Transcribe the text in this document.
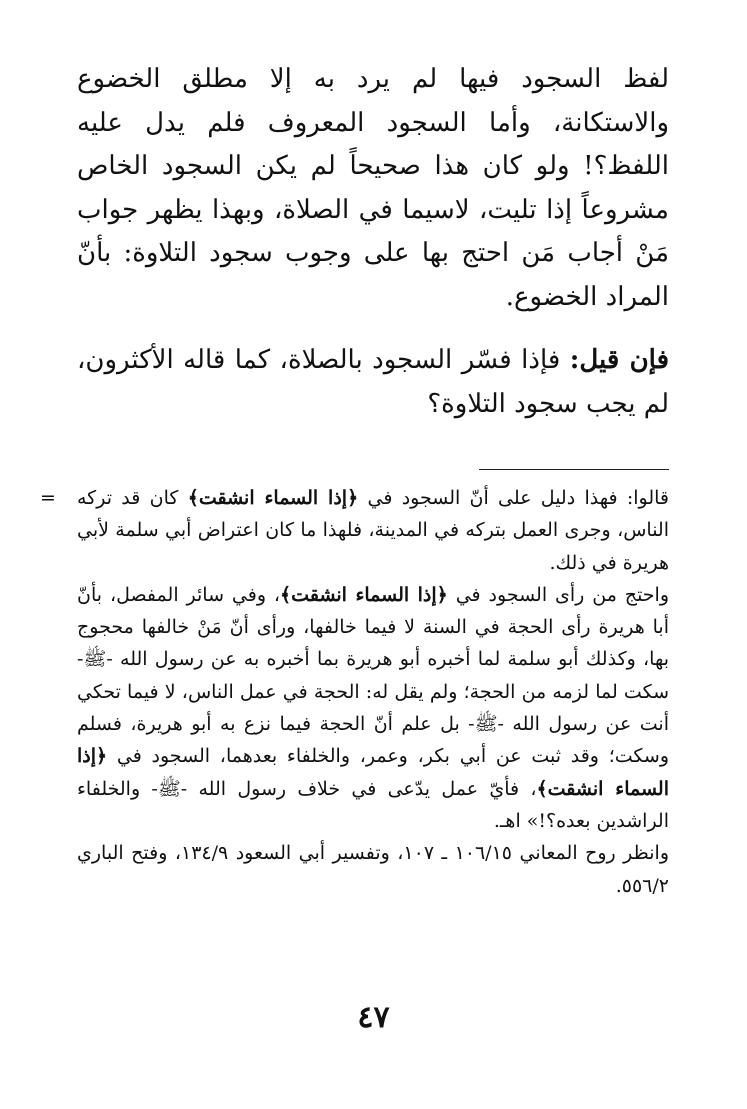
لفظ السجود فيها لم يرد به إلا مطلق الخضوع والاستكانة، وأما السجود المعروف فلم يدل عليه اللفظ؟! ولو كان هذا صحيحاً لم يكن السجود الخاص مشروعاً إذا تليت، لاسيما في الصلاة، وبهذا يظهر جواب مَنْ أجاب مَن احتج بها على وجوب سجود التلاوة: بأنّ المراد الخضوع.

فإن قيل: فإذا فسّر السجود بالصلاة، كما قاله الأكثرون، لم يجب سجود التلاوة؟

=	قالوا: فهذا دليل على أنّ السجود في ﴿إذا السماء انشقت﴾ كان قد تركه الناس، وجرى العمل بتركه في المدينة، فلهذا ما كان اعتراض أبي سلمة لأبي هريرة في ذلك.

واحتج من رأى السجود في ﴿إذا السماء انشقت﴾، وفي سائر المفصل، بأنّ أبا هريرة رأى الحجة في السنة لا فيما خالفها، ورأى أنّ مَنْ خالفها محجوج بها، وكذلك أبو سلمة لما أخبره أبو هريرة بما أخبره به عن رسول الله -ﷺ- سكت لما لزمه من الحجة؛ ولم يقل له: الحجة في عمل الناس، لا فيما تحكي أنت عن رسول الله -ﷺ- بل علم أنّ الحجة فيما نزع به أبو هريرة، فسلم وسكت؛ وقد ثبت عن أبي بكر، وعمر، والخلفاء بعدهما، السجود في ﴿إذا السماء انشقت﴾، فأيّ عمل يدّعى في خلاف رسول الله -ﷺ- والخلفاء الراشدين بعده؟!» اهـ.

وانظر روح المعاني ١٠٦/١٥ ـ ١٠٧، وتفسير أبي السعود ١٣٤/٩، وفتح الباري ٥٥٦/٢.

٤٧
